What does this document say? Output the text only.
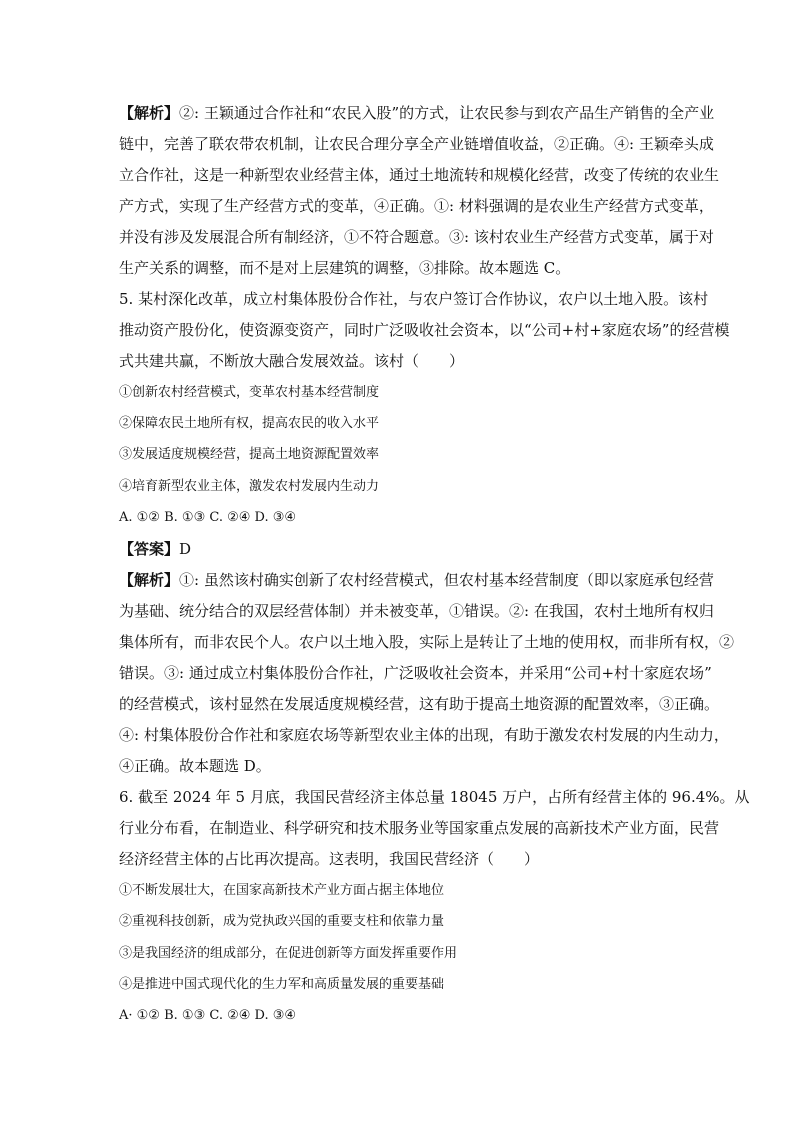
【解析】②: 王颖通过合作社和“农民入股”的方式，让农民参与到农产品生产销售的全产业
链中，完善了联农带农机制，让农民合理分享全产业链增值收益，②正确。④: 王颖牵头成
立合作社，这是一种新型农业经营主体，通过土地流转和规模化经营，改变了传统的农业生
产方式，实现了生产经营方式的变革，④正确。①: 材料强调的是农业生产经营方式变革，
并没有涉及发展混合所有制经济，①不符合题意。③: 该村农业生产经营方式变革，属于对
生产关系的调整，而不是对上层建筑的调整，③排除。故本题选 C。
5. 某村深化改革，成立村集体股份合作社，与农户签订合作协议，农户以土地入股。该村
推动资产股份化，使资源变资产，同时广泛吸收社会资本，以“公司+村+家庭农场”的经营模
式共建共赢，不断放大融合发展效益。该村（　　）
①创新农村经营模式，变革农村基本经营制度
②保障农民土地所有权，提高农民的收入水平
③发展适度规模经营，提高土地资源配置效率
④培育新型农业主体，激发农村发展内生动力
A. ①② B. ①③ C. ②④ D. ③④
【答案】D
【解析】①: 虽然该村确实创新了农村经营模式，但农村基本经营制度（即以家庭承包经营
为基础、统分结合的双层经营体制）并未被变革，①错误。②: 在我国，农村土地所有权归
集体所有，而非农民个人。农户以土地入股，实际上是转让了土地的使用权，而非所有权，②
错误。③: 通过成立村集体股份合作社，广泛吸收社会资本，并采用“公司+村十家庭农场”
的经营模式，该村显然在发展适度规模经营，这有助于提高土地资源的配置效率，③正确。
④: 村集体股份合作社和家庭农场等新型农业主体的出现，有助于激发农村发展的内生动力，
④正确。故本题选 D。
6. 截至 2024 年 5 月底，我国民营经济主体总量 18045 万户，占所有经营主体的 96.4%。从
行业分布看，在制造业、科学研究和技术服务业等国家重点发展的高新技术产业方面，民营
经济经营主体的占比再次提高。这表明，我国民营经济（　　）
①不断发展壮大，在国家高新技术产业方面占据主体地位
②重视科技创新，成为党执政兴国的重要支柱和依靠力量
③是我国经济的组成部分，在促进创新等方面发挥重要作用
④是推进中国式现代化的生力军和高质量发展的重要基础
A· ①② B. ①③ C. ②④ D. ③④
